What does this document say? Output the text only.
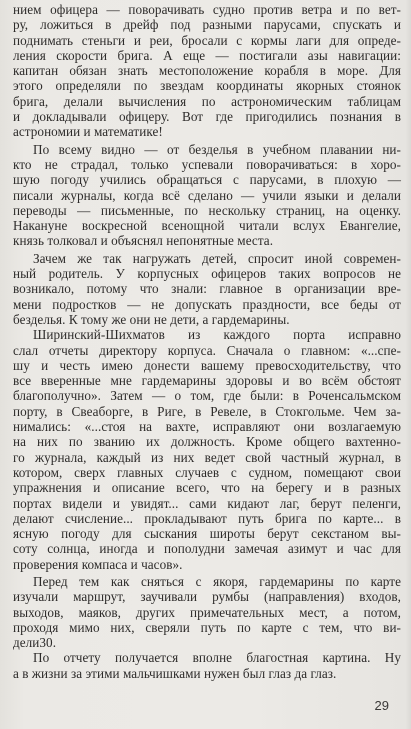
нием офицера — поворачивать судно против ветра и по вет-
ру, ложиться в дрейф под разными парусами, спускать и
поднимать стеньги и реи, бросали с кормы лаги для опреде-
ления скорости брига. А еще — постигали азы навигации:
капитан обязан знать местоположение корабля в море. Для
этого определяли по звездам координаты якорных стоянок
брига, делали вычисления по астрономическим таблицам
и докладывали офицеру. Вот где пригодились познания в
астрономии и математике!
По всему видно — от безделья в учебном плавании ни-
кто не страдал, только успевали поворачиваться: в хоро-
шую погоду учились обращаться с парусами, в плохую —
писали журналы, когда всё сделано — учили языки и делали
переводы — письменные, по нескольку страниц, на оценку.
Накануне воскресной всенощной читали вслух Евангелие,
князь толковал и объяснял непонятные места.
Зачем же так нагружать детей, спросит иной современ-
ный родитель. У корпусных офицеров таких вопросов не
возникало, потому что знали: главное в организации вре-
мени подростков — не допускать праздности, все беды от
безделья. К тому же они не дети, а гардемарины.
Ширинский-Шихматов из каждого порта исправно
слал отчеты директору корпуса. Сначала о главном: «...спе-
шу и честь имею донести вашему превосходительству, что
все вверенные мне гардемарины здоровы и во всём обстоят
благополучно». Затем — о том, где были: в Роченсальмском
порту, в Свеаборге, в Риге, в Ревеле, в Стокгольме. Чем за-
нимались: «...стоя на вахте, исправляют они возлагаемую
на них по званию их должность. Кроме общего вахтенно-
го журнала, каждый из них ведет свой частный журнал, в
котором, сверх главных случаев с судном, помещают свои
упражнения и описание всего, что на берегу и в разных
портах видели и увидят... сами кидают лаг, берут пеленги,
делают счисление... прокладывают путь брига по карте... в
ясную погоду для сыскания широты берут секстаном вы-
соту солнца, иногда и пополудни замечая азимут и час для
проверения компаса и часов».
Перед тем как сняться с якоря, гардемарины по карте
изучали маршрут, заучивали румбы (направления) входов,
выходов, маяков, других примечательных мест, а потом,
проходя мимо них, сверяли путь по карте с тем, что ви-
дели30.
По отчету получается вполне благостная картина. Ну
а в жизни за этими мальчишками нужен был глаз да глаз.
29
